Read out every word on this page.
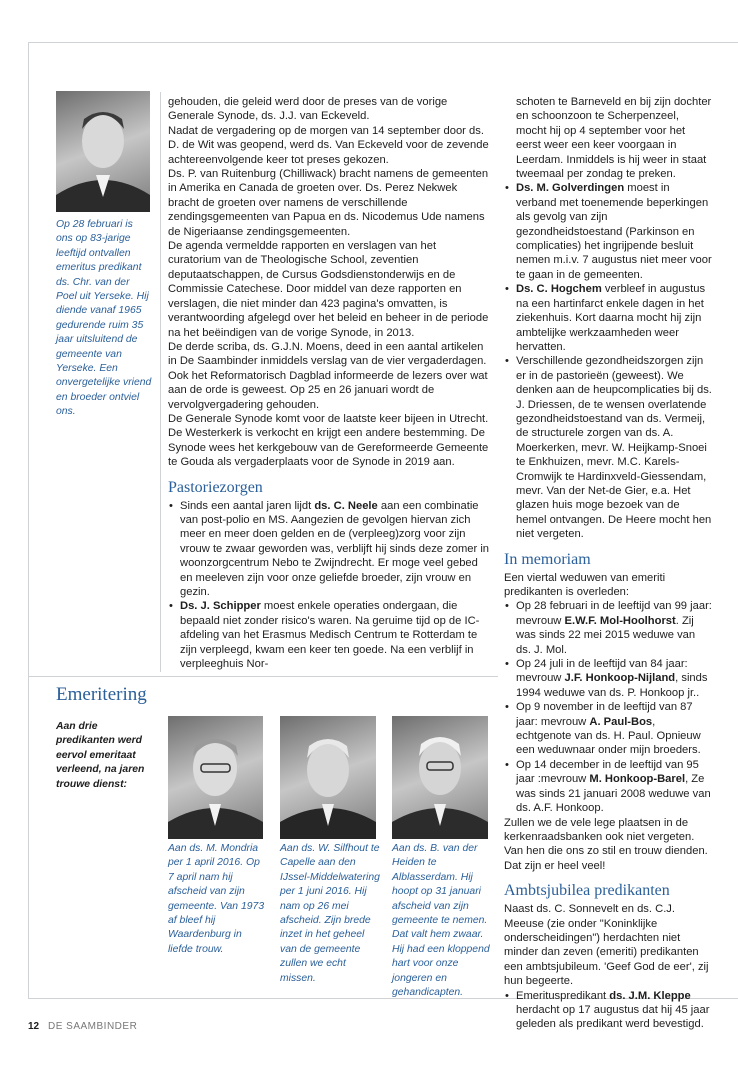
Op 28 februari is ons op 83-jarige leeftijd ontvallen emeritus predikant ds. Chr. van der Poel uit Yerseke. Hij diende vanaf 1965 gedurende ruim 35 jaar uitsluitend de gemeente van Yerseke. Een onvergetelijke vriend en broeder ontviel ons.

gehouden, die geleid werd door de preses van de vorige Generale Synode, ds. J.J. van Eckeveld.

Nadat de vergadering op de morgen van 14 september door ds. D. de Wit was geopend, werd ds. Van Eckeveld voor de zevende achtereenvolgende keer tot preses gekozen.

Ds. P. van Ruitenburg (Chilliwack) bracht namens de gemeenten in Amerika en Canada de groeten over. Ds. Perez Nekwek bracht de groeten over namens de verschillende zendingsgemeenten van Papua en ds. Nicodemus Ude namens de Nigeriaanse zendingsgemeenten.

De agenda vermeldde rapporten en verslagen van het curatorium van de Theologische School, zeventien deputaatschappen, de Cursus Godsdienstonderwijs en de Commissie Catechese. Door middel van deze rapporten en verslagen, die niet minder dan 423 pagina's omvatten, is verantwoording afgelegd over het beleid en beheer in de periode na het beëindigen van de vorige Synode, in 2013.

De derde scriba, ds. G.J.N. Moens, deed in een aantal artikelen in De Saambinder inmiddels verslag van de vier vergaderdagen. Ook het Reformatorisch Dagblad informeerde de lezers over wat aan de orde is geweest. Op 25 en 26 januari wordt de vervolgvergadering gehouden.

De Generale Synode komt voor de laatste keer bijeen in Utrecht. De Westerkerk is verkocht en krijgt een andere bestemming. De Synode wees het kerkgebouw van de Gereformeerde Gemeente te Gouda als vergaderplaats voor de Synode in 2019 aan.

Pastoriezorgen
• Sinds een aantal jaren lijdt ds. C. Neele aan een combinatie van post-polio en MS. Aangezien de gevolgen hiervan zich meer en meer doen gelden en de (verpleeg)zorg voor zijn vrouw te zwaar geworden was, verblijft hij sinds deze zomer in woonzorgcentrum Nebo te Zwijndrecht. Er moge veel gebed en meeleven zijn voor onze geliefde broeder, zijn vrouw en gezin.
• Ds. J. Schipper moest enkele operaties ondergaan, die bepaald niet zonder risico's waren. Na geruime tijd op de IC-afdeling van het Erasmus Medisch Centrum te Rotterdam te zijn verpleegd, kwam een keer ten goede. Na een verblijf in verpleeghuis Nor-

schoten te Barneveld en bij zijn dochter en schoonzoon te Scherpenzeel, mocht hij op 4 september voor het eerst weer een keer voorgaan in Leerdam. Inmiddels is hij weer in staat tweemaal per zondag te preken.

• Ds. M. Golverdingen moest in verband met toenemende beperkingen als gevolg van zijn gezondheidstoestand (Parkinson en complicaties) het ingrijpende besluit nemen m.i.v. 7 augustus niet meer voor te gaan in de gemeenten.
• Ds. C. Hogchem verbleef in augustus na een hartinfarct enkele dagen in het ziekenhuis. Kort daarna mocht hij zijn ambtelijke werkzaamheden weer hervatten.
• Verschillende gezondheidszorgen zijn er in de pastorieën (geweest). We denken aan de heupcomplicaties bij ds. J. Driessen, de te wensen overlatende gezondheidstoestand van ds. Vermeij, de structurele zorgen van ds. A. Moerkerken, mevr. W. Heijkamp-Snoei te Enkhuizen, mevr. M.C. Karels-Cromwijk te Hardinxveld-Giessendam, mevr. Van der Net-de Gier, e.a. Het glazen huis moge bezoek van de hemel ontvangen. De Heere mocht hen niet vergeten.
In memoriam

Een viertal weduwen van emeriti predikanten is overleden:

• Op 28 februari in de leeftijd van 99 jaar: mevrouw E.W.F. Mol-Hoolhorst. Zij was sinds 22 mei 2015 weduwe van ds. J. Mol.
• Op 24 juli in de leeftijd van 84 jaar: mevrouw J.F. Honkoop-Nijland, sinds 1994 weduwe van ds. P. Honkoop jr..
• Op 9 november in de leeftijd van 87 jaar: mevrouw A. Paul-Bos, echtgenote van ds. H. Paul. Opnieuw een weduwnaar onder mijn broeders.
• Op 14 december in de leeftijd van 95 jaar :mevrouw M. Honkoop-Barel, Ze was sinds 21 januari 2008 weduwe van ds. A.F. Honkoop.

Zullen we de vele lege plaatsen in de kerkenraadsbanken ook niet vergeten. Van hen die ons zo stil en trouw dienden. Dat zijn er heel veel!

Ambtsjubilea predikanten

Naast ds. C. Sonnevelt en ds. C.J. Meeuse (zie onder "Koninklijke onderscheidingen") herdachten niet minder dan zeven (emeriti) predikanten een ambtsjubileum. 'Geef God de eer', zij hun begeerte.

• Emerituspredikant ds. J.M. Kleppe herdacht op 17 augustus dat hij 45 jaar geleden als predikant werd bevestigd.
Emeritering

Aan drie predikanten werd eervol emeritaat verleend, na jaren trouwe dienst:

Aan ds. M. Mondria per 1 april 2016. Op 7 april nam hij afscheid van zijn gemeente. Van 1973 af bleef hij Waardenburg in liefde trouw.

Aan ds. W. Silfhout te Capelle aan den IJssel-Middelwatering per 1 juni 2016. Hij nam op 26 mei afscheid. Zijn brede inzet in het geheel van de gemeente zullen we echt missen.

Aan ds. B. van der Heiden te Alblasserdam. Hij hoopt op 31 januari afscheid van zijn gemeente te nemen. Dat valt hem zwaar. Hij had een kloppend hart voor onze jongeren en gehandicapten.

12 DE SAAMBINDER
